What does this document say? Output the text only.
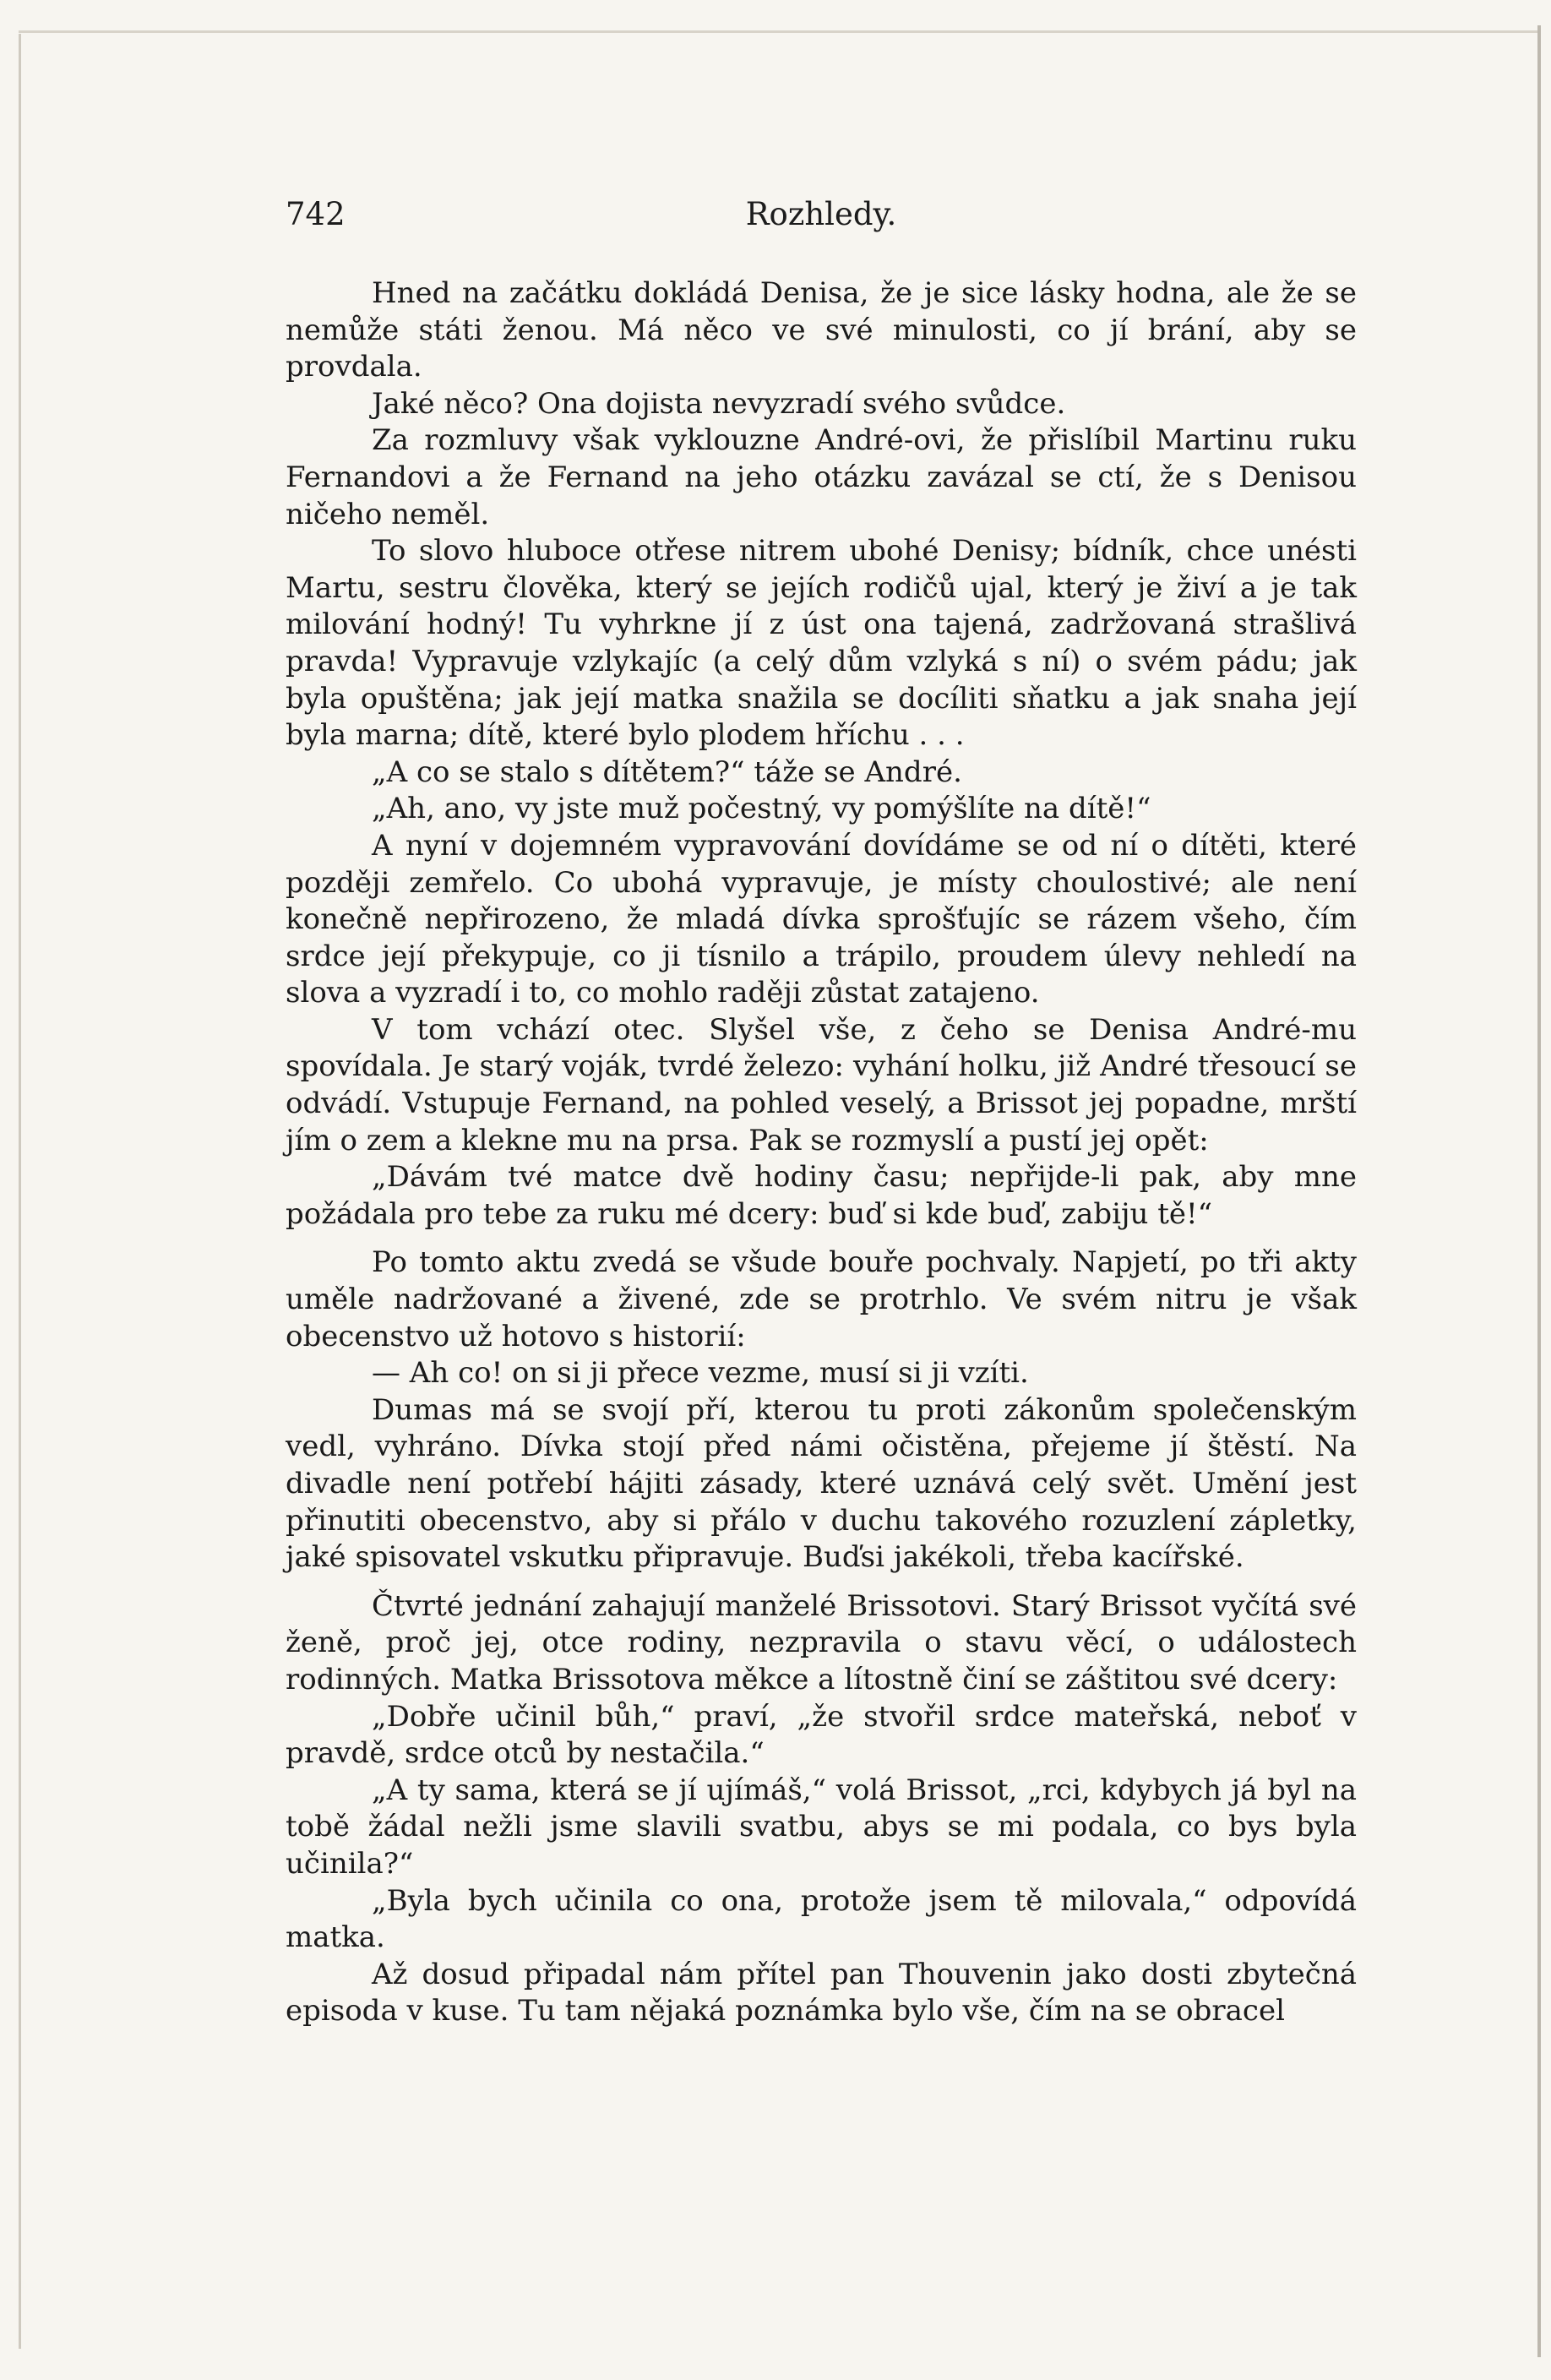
742	Rozhledy.

Hned na začátku dokládá Denisa, že je sice lásky hodna, ale že se nemůže státi ženou. Má něco ve své minulosti, co jí brání, aby se provdala.

Jaké něco? Ona dojista nevyzradí svého svůdce.

Za rozmluvy však vyklouzne André-ovi, že přislíbil Martinu ruku Fernandovi a že Fernand na jeho otázku zavázal se ctí, že s Denisou ničeho neměl.

To slovo hluboce otřese nitrem ubohé Denisy; bídník, chce unésti Martu, sestru člověka, který se jejích rodičů ujal, který je živí a je tak milování hodný! Tu vyhrkne jí z úst ona tajená, zadržovaná strašlivá pravda! Vypravuje vzlykajíc (a celý dům vzlyká s ní) o svém pádu; jak byla opuštěna; jak její matka snažila se docíliti sňatku a jak snaha její byla marna; dítě, které bylo plodem hříchu . . .

„A co se stalo s dítětem?“ táže se André.

„Ah, ano, vy jste muž počestný, vy pomýšlíte na dítě!“

A nyní v dojemném vypravování dovídáme se od ní o dítěti, které později zemřelo. Co ubohá vypravuje, je místy choulostivé; ale není konečně nepřirozeno, že mladá dívka sprošťujíc se rázem všeho, čím srdce její překypuje, co ji tísnilo a trápilo, proudem úlevy nehledí na slova a vyzradí i to, co mohlo raději zůstat zatajeno.

V tom vchází otec. Slyšel vše, z čeho se Denisa André-mu spovídala. Je starý voják, tvrdé železo: vyhání holku, již André třesoucí se odvádí. Vstupuje Fernand, na pohled veselý, a Brissot jej popadne, mrští jím o zem a klekne mu na prsa. Pak se rozmyslí a pustí jej opět:

„Dávám tvé matce dvě hodiny času; nepřijde-li pak, aby mne požádala pro tebe za ruku mé dcery: buď si kde buď, zabiju tě!“

Po tomto aktu zvedá se všude bouře pochvaly. Napjetí, po tři akty uměle nadržované a živené, zde se protrhlo. Ve svém nitru je však obecenstvo už hotovo s historií:

— Ah co! on si ji přece vezme, musí si ji vzíti.

Dumas má se svojí pří, kterou tu proti zákonům společenským vedl, vyhráno. Dívka stojí před námi očistěna, přejeme jí štěstí. Na divadle není potřebí hájiti zásady, které uznává celý svět. Umění jest přinutiti obecenstvo, aby si přálo v duchu takového rozuzlení zápletky, jaké spisovatel vskutku připravuje. Buďsi jakékoli, třeba kacířské.

Čtvrté jednání zahajují manželé Brissotovi. Starý Brissot vyčítá své ženě, proč jej, otce rodiny, nezpravila o stavu věcí, o událostech rodinných. Matka Brissotova měkce a lítostně činí se záštitou své dcery:

„Dobře učinil bůh,“ praví, „že stvořil srdce mateřská, neboť v pravdě, srdce otců by nestačila.“

„A ty sama, která se jí ujímáš,“ volá Brissot, „rci, kdybych já byl na tobě žádal nežli jsme slavili svatbu, abys se mi podala, co bys byla učinila?“

„Byla bych učinila co ona, protože jsem tě milovala,“ odpovídá matka.

Až dosud připadal nám přítel pan Thouvenin jako dosti zbytečná episoda v kuse. Tu tam nějaká poznámka bylo vše, čím na se obracel
